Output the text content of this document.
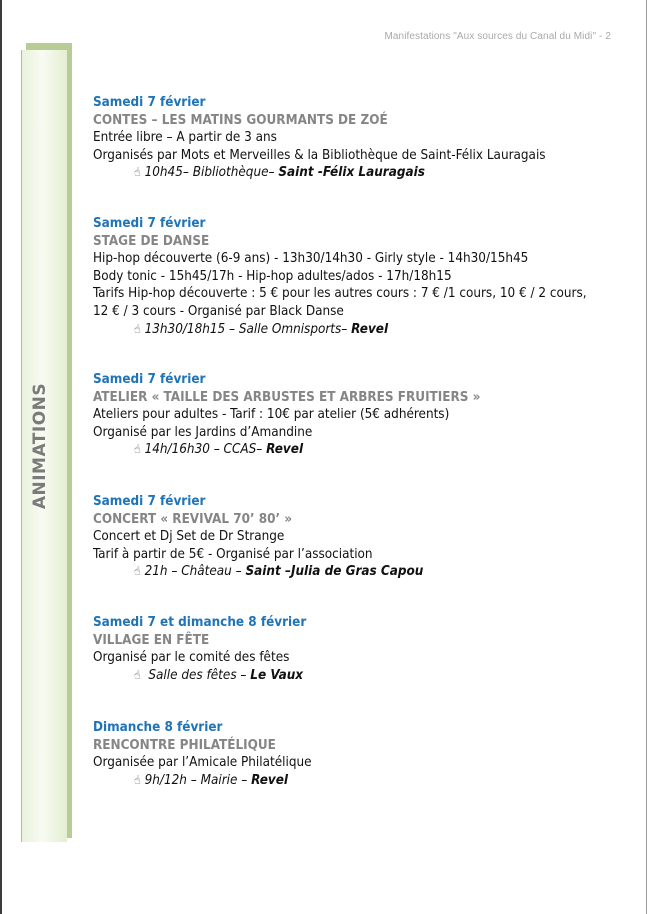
Manifestations "Aux sources du Canal du Midi" - 2
ANIMATIONS
Samedi 7 février
CONTES – LES MATINS GOURMANTS DE ZOÉ
Entrée libre – A partir de 3 ans
Organisés par Mots et Merveilles & la Bibliothèque de Saint-Félix Lauragais
☝ 10h45– Bibliothèque– Saint -Félix Lauragais
Samedi 7 février
STAGE DE DANSE
Hip-hop découverte (6-9 ans) - 13h30/14h30 - Girly style - 14h30/15h45
Body tonic - 15h45/17h - Hip-hop adultes/ados - 17h/18h15
Tarifs Hip-hop découverte : 5 € pour les autres cours : 7 € /1 cours, 10 € / 2 cours,
12 € / 3 cours - Organisé par Black Danse
☝ 13h30/18h15 – Salle Omnisports– Revel
Samedi 7 février
ATELIER « TAILLE DES ARBUSTES ET ARBRES FRUITIERS »
Ateliers pour adultes - Tarif : 10€ par atelier (5€ adhérents)
Organisé par les Jardins d’Amandine
☝ 14h/16h30 – CCAS– Revel
Samedi 7 février
CONCERT « REVIVAL 70’ 80’ »
Concert et Dj Set de Dr Strange
Tarif à partir de 5€ - Organisé par l’association
☝ 21h – Château – Saint –Julia de Gras Capou
Samedi 7 et dimanche 8 février
VILLAGE EN FÊTE
Organisé par le comité des fêtes
☝ Salle des fêtes – Le Vaux
Dimanche 8 février
RENCONTRE PHILATÉLIQUE
Organisée par l’Amicale Philatélique
☝ 9h/12h – Mairie – Revel
